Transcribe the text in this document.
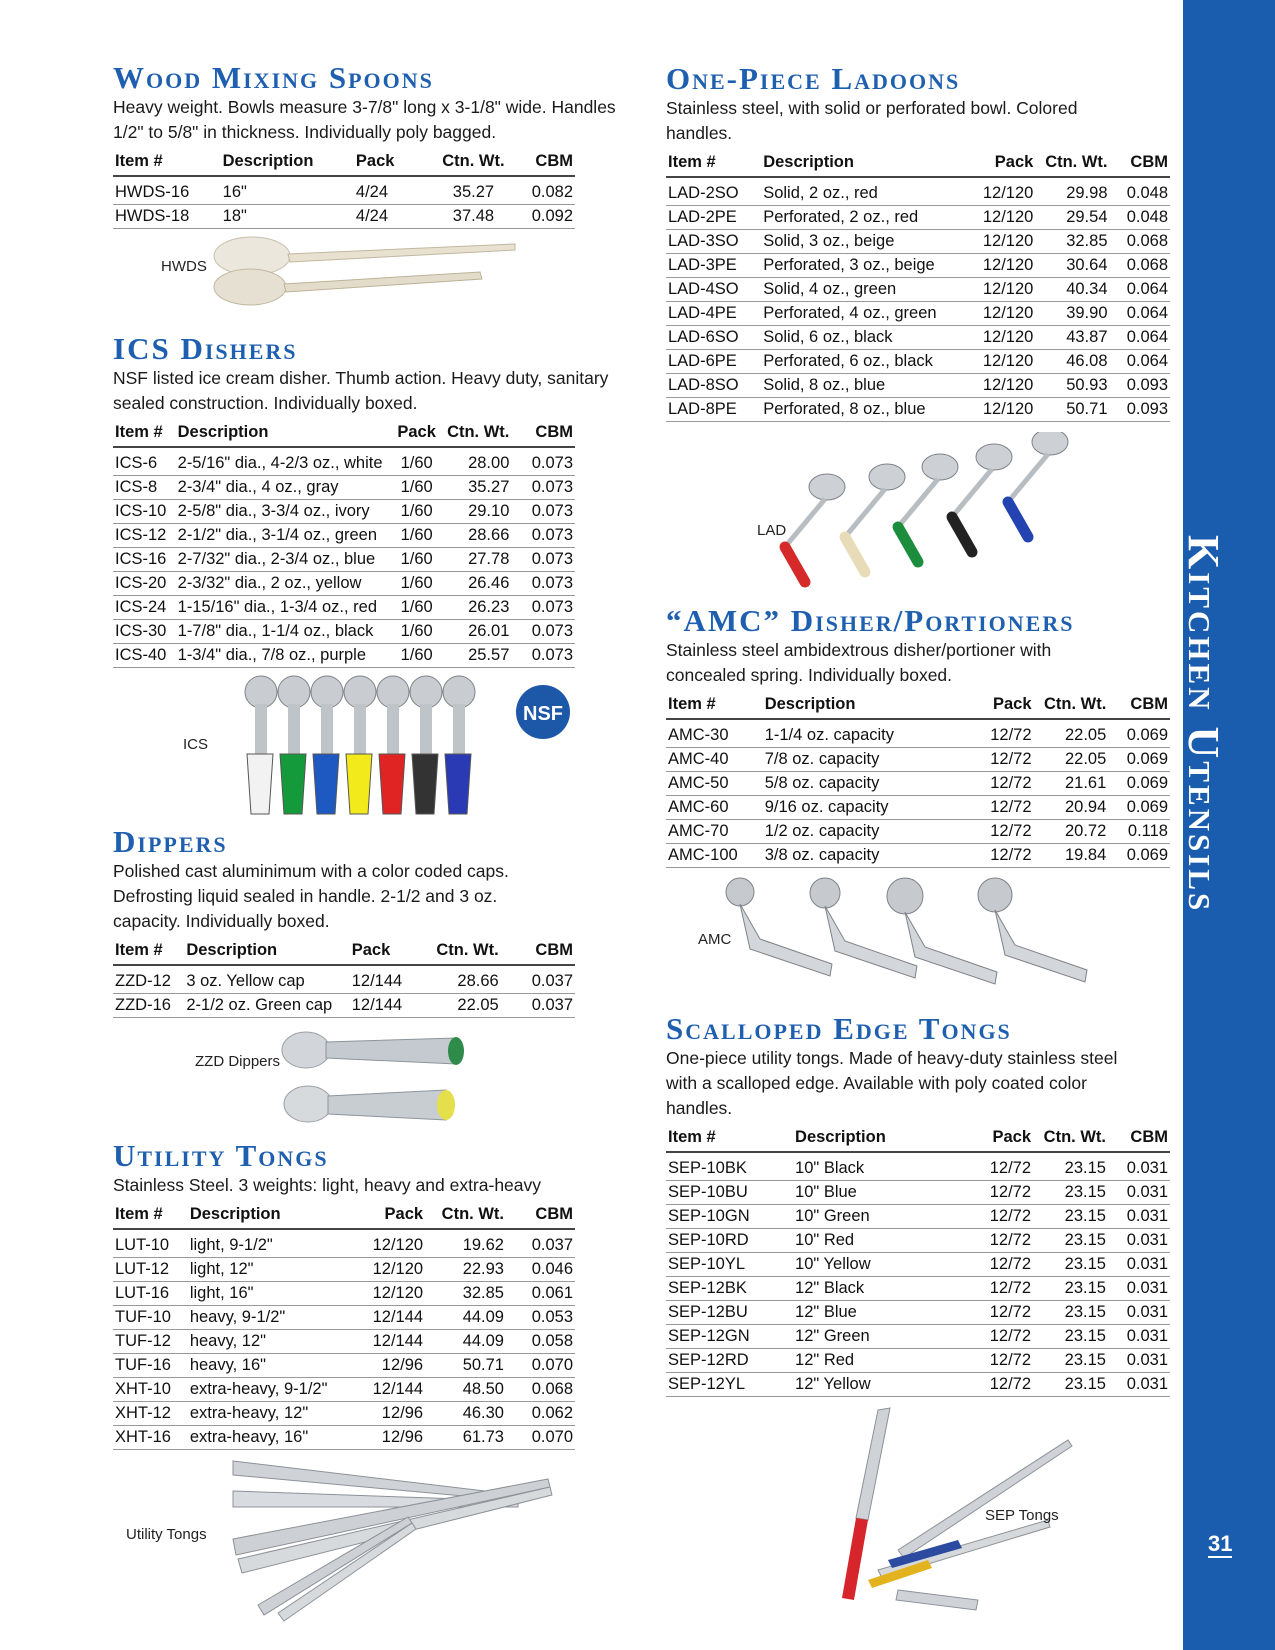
Wood Mixing Spoons

Heavy weight. Bowls measure 3-7/8" long x 3-1/8" wide. Handles 1/2" to 5/8" in thickness. Individually poly bagged.

Item #	Description	Pack	Ctn. Wt.	CBM
HWDS-16	16"	4/24	35.27	0.082
HWDS-18	18"	4/24	37.48	0.092
HWDS
ICS Dishers

NSF listed ice cream disher. Thumb action. Heavy duty, sanitary sealed construction. Individually boxed.

Item #	Description	Pack	Ctn. Wt.	CBM
ICS-6	2-5/16" dia., 4-2/3 oz., white	1/60	28.00	0.073
ICS-8	2-3/4" dia., 4 oz., gray	1/60	35.27	0.073
ICS-10	2-5/8" dia., 3-3/4 oz., ivory	1/60	29.10	0.073
ICS-12	2-1/2" dia., 3-1/4 oz., green	1/60	28.66	0.073
ICS-16	2-7/32" dia., 2-3/4 oz., blue	1/60	27.78	0.073
ICS-20	2-3/32" dia., 2 oz., yellow	1/60	26.46	0.073
ICS-24	1-15/16" dia., 1-3/4 oz., red	1/60	26.23	0.073
ICS-30	1-7/8" dia., 1-1/4 oz., black	1/60	26.01	0.073
ICS-40	1-3/4" dia., 7/8 oz., purple	1/60	25.57	0.073
NSF
ICS
Dippers

Polished cast aluminimum with a color coded caps. Defrosting liquid sealed in handle. 2-1/2 and 3 oz. capacity. Individually boxed.

Item #	Description	Pack	Ctn. Wt.	CBM
ZZD-12	3 oz. Yellow cap	12/144	28.66	0.037
ZZD-16	2-1/2 oz. Green cap	12/144	22.05	0.037
ZZD Dippers
Utility Tongs

Stainless Steel. 3 weights: light, heavy and extra-heavy

Item #	Description	Pack	Ctn. Wt.	CBM
LUT-10	light, 9-1/2"	12/120	19.62	0.037
LUT-12	light, 12"	12/120	22.93	0.046
LUT-16	light, 16"	12/120	32.85	0.061
TUF-10	heavy, 9-1/2"	12/144	44.09	0.053
TUF-12	heavy, 12"	12/144	44.09	0.058
TUF-16	heavy, 16"	12/96	50.71	0.070
XHT-10	extra-heavy, 9-1/2"	12/144	48.50	0.068
XHT-12	extra-heavy, 12"	12/96	46.30	0.062
XHT-16	extra-heavy, 16"	12/96	61.73	0.070
Utility Tongs
One-Piece Ladoons

Stainless steel, with solid or perforated bowl. Colored handles.

Item #	Description	Pack	Ctn. Wt.	CBM
LAD-2SO	Solid, 2 oz., red	12/120	29.98	0.048
LAD-2PE	Perforated, 2 oz., red	12/120	29.54	0.048
LAD-3SO	Solid, 3 oz., beige	12/120	32.85	0.068
LAD-3PE	Perforated, 3 oz., beige	12/120	30.64	0.068
LAD-4SO	Solid, 4 oz., green	12/120	40.34	0.064
LAD-4PE	Perforated, 4 oz., green	12/120	39.90	0.064
LAD-6SO	Solid, 6 oz., black	12/120	43.87	0.064
LAD-6PE	Perforated, 6 oz., black	12/120	46.08	0.064
LAD-8SO	Solid, 8 oz., blue	12/120	50.93	0.093
LAD-8PE	Perforated, 8 oz., blue	12/120	50.71	0.093
LAD
“AMC” Disher/Portioners

Stainless steel ambidextrous disher/portioner with concealed spring. Individually boxed.

Item #	Description	Pack	Ctn. Wt.	CBM
AMC-30	1-1/4 oz. capacity	12/72	22.05	0.069
AMC-40	7/8 oz. capacity	12/72	22.05	0.069
AMC-50	5/8 oz. capacity	12/72	21.61	0.069
AMC-60	9/16 oz. capacity	12/72	20.94	0.069
AMC-70	1/2 oz. capacity	12/72	20.72	0.118
AMC-100	3/8 oz. capacity	12/72	19.84	0.069
AMC
Scalloped Edge Tongs

One-piece utility tongs. Made of heavy-duty stainless steel with a scalloped edge. Available with poly coated color handles.

Item #	Description	Pack	Ctn. Wt.	CBM
SEP-10BK	10" Black	12/72	23.15	0.031
SEP-10BU	10" Blue	12/72	23.15	0.031
SEP-10GN	10" Green	12/72	23.15	0.031
SEP-10RD	10" Red	12/72	23.15	0.031
SEP-10YL	10" Yellow	12/72	23.15	0.031
SEP-12BK	12" Black	12/72	23.15	0.031
SEP-12BU	12" Blue	12/72	23.15	0.031
SEP-12GN	12" Green	12/72	23.15	0.031
SEP-12RD	12" Red	12/72	23.15	0.031
SEP-12YL	12" Yellow	12/72	23.15	0.031
SEP Tongs
Kitchen Utensils
31
